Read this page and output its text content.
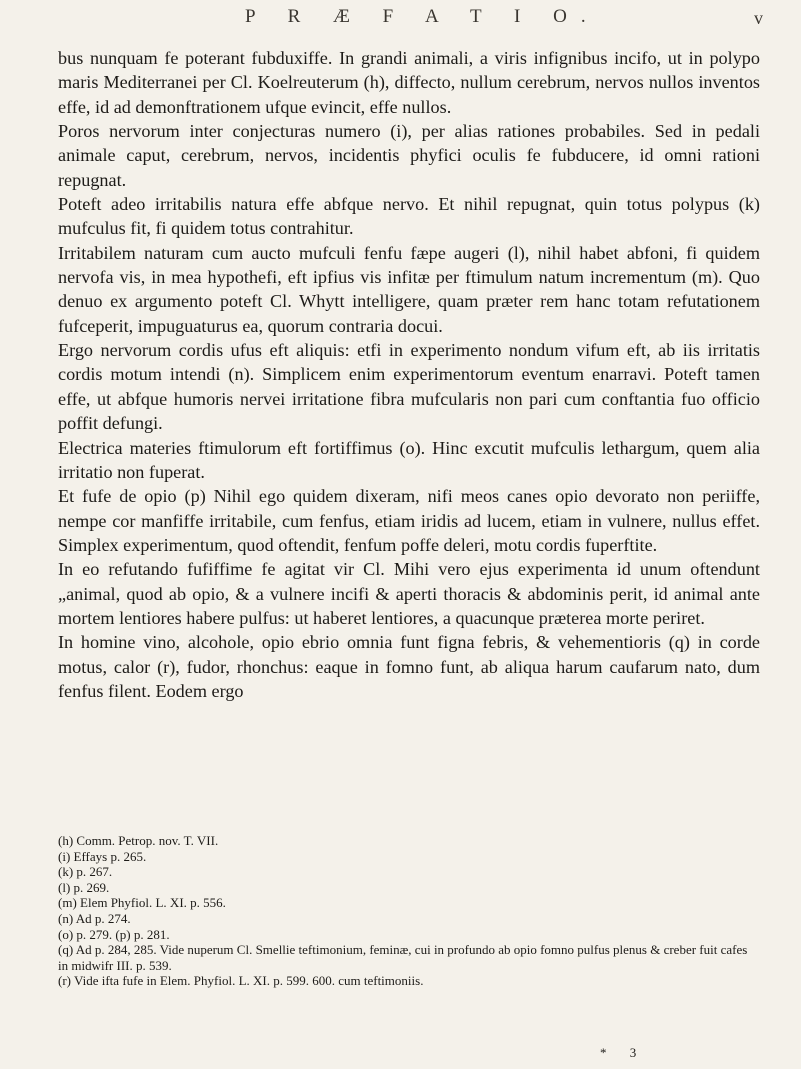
P R Æ F A T I O.	v

bus nunquam fe poterant fubduxiffe. In grandi animali, a viris infignibus incifo, ut in polypo maris Mediterranei per Cl. Koelreuterum (h), diffecto, nullum cerebrum, nervos nullos inventos effe, id ad demonftrationem ufque evincit, effe nullos.

Poros nervorum inter conjecturas numero (i), per alias rationes probabiles. Sed in pedali animale caput, cerebrum, nervos, incidentis phyfici oculis fe fubducere, id omni rationi repugnat.

Poteft adeo irritabilis natura effe abfque nervo. Et nihil repugnat, quin totus polypus (k) mufculus fit, fi quidem totus contrahitur.

Irritabilem naturam cum aucto mufculi fenfu fæpe augeri (l), nihil habet abfoni, fi quidem nervofa vis, in mea hypothefi, eft ipfius vis infitæ per ftimulum natum incrementum (m). Quo denuo ex argumento poteft Cl. Whytt intelligere, quam præter rem hanc totam refutationem fufceperit, impuguaturus ea, quorum contraria docui.

Ergo nervorum cordis ufus eft aliquis: etfi in experimento nondum vifum eft, ab iis irritatis cordis motum intendi (n). Simplicem enim experimentorum eventum enarravi. Poteft tamen effe, ut abfque humoris nervei irritatione fibra mufcularis non pari cum conftantia fuo officio poffit defungi.

Electrica materies ftimulorum eft fortiffimus (o). Hinc excutit mufculis lethargum, quem alia irritatio non fuperat.

Et fufe de opio (p) Nihil ego quidem dixeram, nifi meos canes opio devorato non periiffe, nempe cor manfiffe irritabile, cum fenfus, etiam iridis ad lucem, etiam in vulnere, nullus effet. Simplex experimentum, quod oftendit, fenfum poffe deleri, motu cordis fuperftite.

In eo refutando fufiffime fe agitat vir Cl. Mihi vero ejus experimenta id unum oftendunt „animal, quod ab opio, & a vulnere incifi & aperti thoracis & abdominis perit, id animal ante mortem lentiores habere pulfus: ut haberet lentiores, a quacunque præterea morte periret.

In homine vino, alcohole, opio ebrio omnia funt figna febris, & vehementioris (q) in corde motus, calor (r), fudor, rhonchus: eaque in fomno funt, ab aliqua harum caufarum nato, dum fenfus filent. Eodem ergo

(h) Comm. Petrop. nov. T. VII.

(i) Effays p. 265.

(k) p. 267.

(l) p. 269.

(m) Elem Phyfiol. L. XI. p. 556.

(n) Ad p. 274.

(o) p. 279. (p) p. 281.

(q) Ad p. 284, 285. Vide nuperum Cl. Smellie teftimonium, feminæ, cui in profundo ab opio fomno pulfus plenus & creber fuit cafes in midwifr III. p. 539.

(r) Vide ifta fufe in Elem. Phyfiol. L. XI. p. 599. 600. cum teftimoniis.

* 3
